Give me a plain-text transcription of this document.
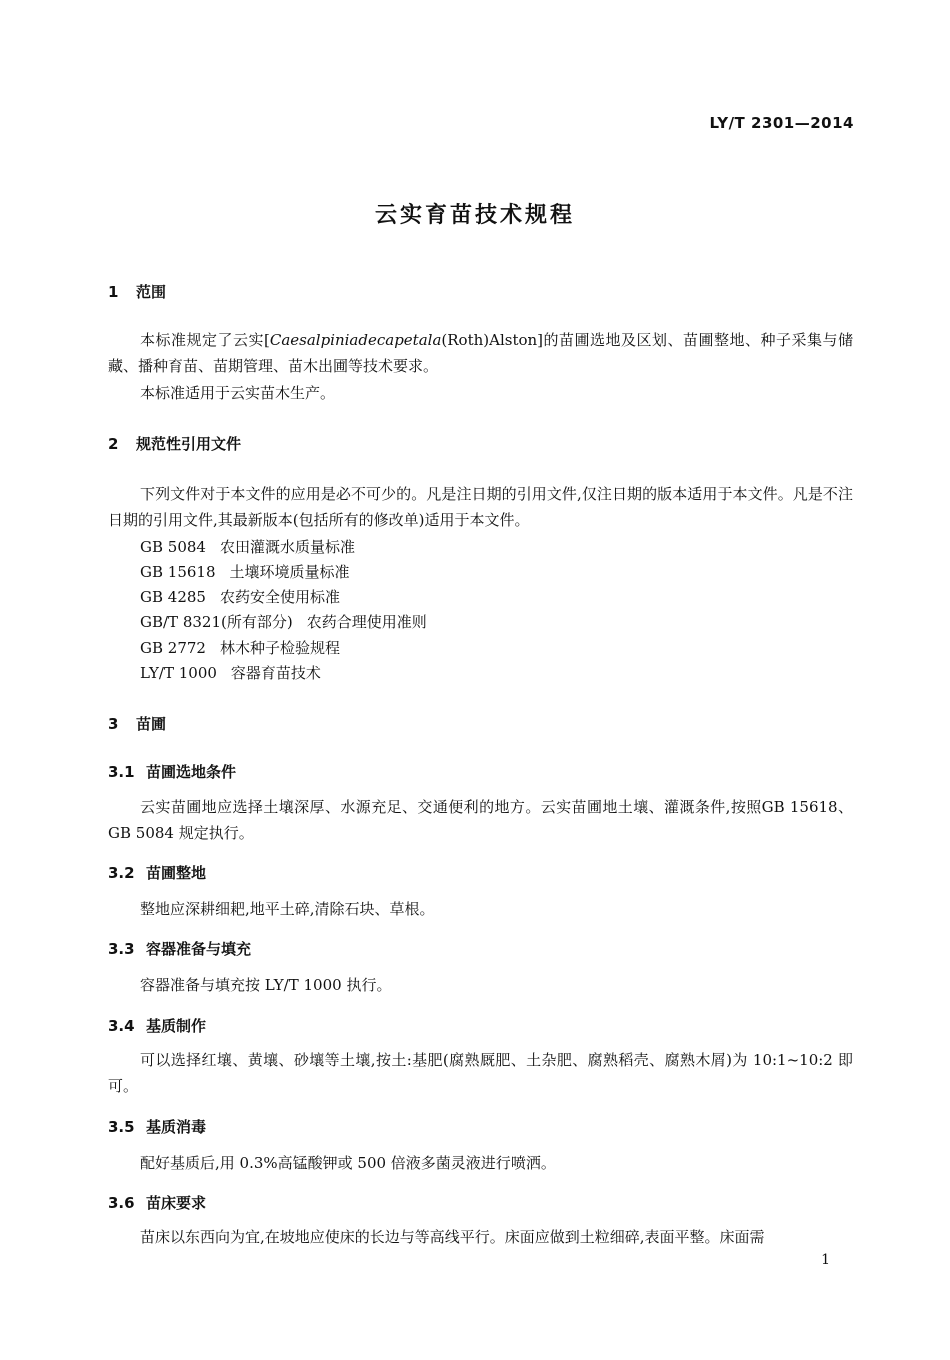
LY/T 2301—2014
云实育苗技术规程
1 范围
本标准规定了云实[Caesalpiniadecapetala(Roth)Alston]的苗圃选地及区划、苗圃整地、种子采集与储藏、播种育苗、苗期管理、苗木出圃等技术要求。
本标准适用于云实苗木生产。
2 规范性引用文件
下列文件对于本文件的应用是必不可少的。凡是注日期的引用文件,仅注日期的版本适用于本文件。凡是不注日期的引用文件,其最新版本(包括所有的修改单)适用于本文件。
GB 5084 农田灌溉水质量标准
GB 15618 土壤环境质量标准
GB 4285 农药安全使用标准
GB/T 8321(所有部分) 农药合理使用准则
GB 2772 林木种子检验规程
LY/T 1000 容器育苗技术
3 苗圃
3.1 苗圃选地条件
云实苗圃地应选择土壤深厚、水源充足、交通便利的地方。云实苗圃地土壤、灌溉条件,按照GB 15618、GB 5084 规定执行。
3.2 苗圃整地
整地应深耕细耙,地平土碎,清除石块、草根。
3.3 容器准备与填充
容器准备与填充按 LY/T 1000 执行。
3.4 基质制作
可以选择红壤、黄壤、砂壤等土壤,按土:基肥(腐熟厩肥、土杂肥、腐熟稻壳、腐熟木屑)为 10:1~10:2 即可。
3.5 基质消毒
配好基质后,用 0.3%高锰酸钾或 500 倍液多菌灵液进行喷洒。
3.6 苗床要求
苗床以东西向为宜,在坡地应使床的长边与等高线平行。床面应做到土粒细碎,表面平整。床面需
1
